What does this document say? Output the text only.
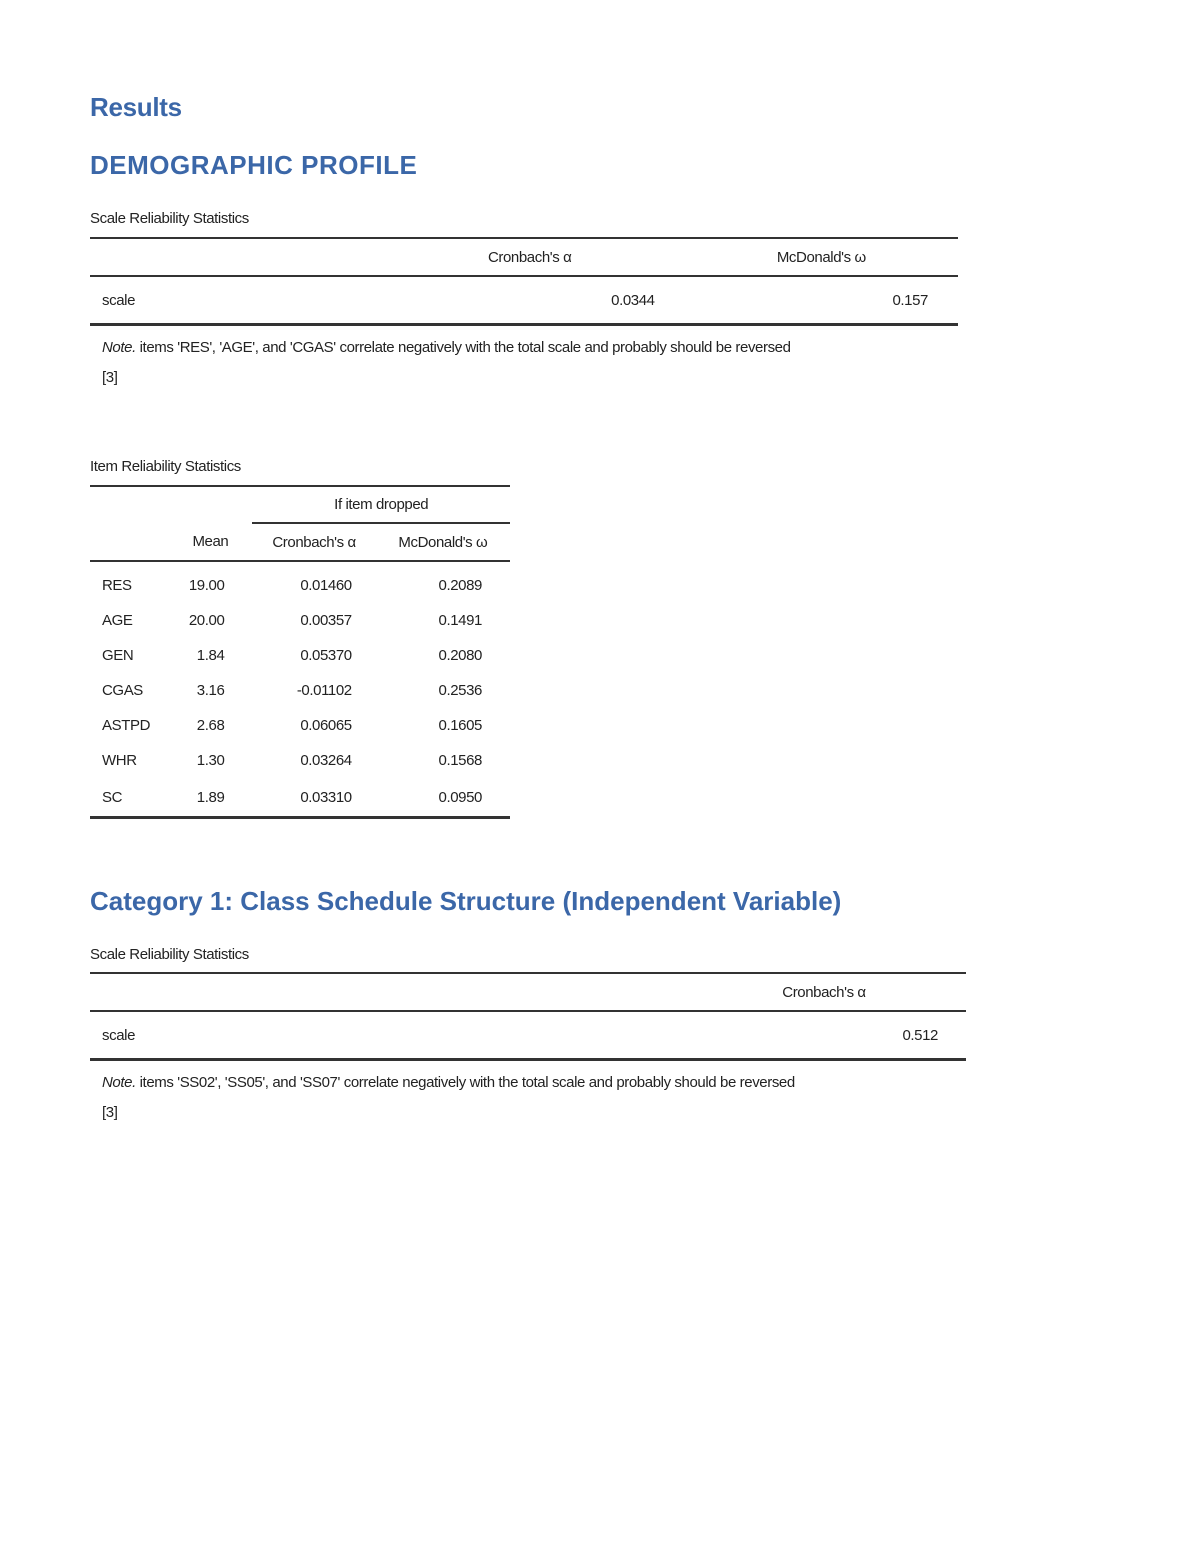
Results
DEMOGRAPHIC PROFILE
Scale Reliability Statistics
	Cronbach's α	McDonald's ω
scale	0.0344	0.157
Note. items 'RES', 'AGE', and 'CGAS' correlate negatively with the total scale and probably should be reversed
[3]
Item Reliability Statistics
		If item dropped	
	Mean	Cronbach's α	McDonald's ω
RES	19.00	0.01460	0.2089
AGE	20.00	0.00357	0.1491
GEN	1.84	0.05370	0.2080
CGAS	3.16	-0.01102	0.2536
ASTPD	2.68	0.06065	0.1605
WHR	1.30	0.03264	0.1568
SC	1.89	0.03310	0.0950
Category 1: Class Schedule Structure (Independent Variable)
Scale Reliability Statistics
	Cronbach's α
scale	0.512
Note. items 'SS02', 'SS05', and 'SS07' correlate negatively with the total scale and probably should be reversed
[3]
